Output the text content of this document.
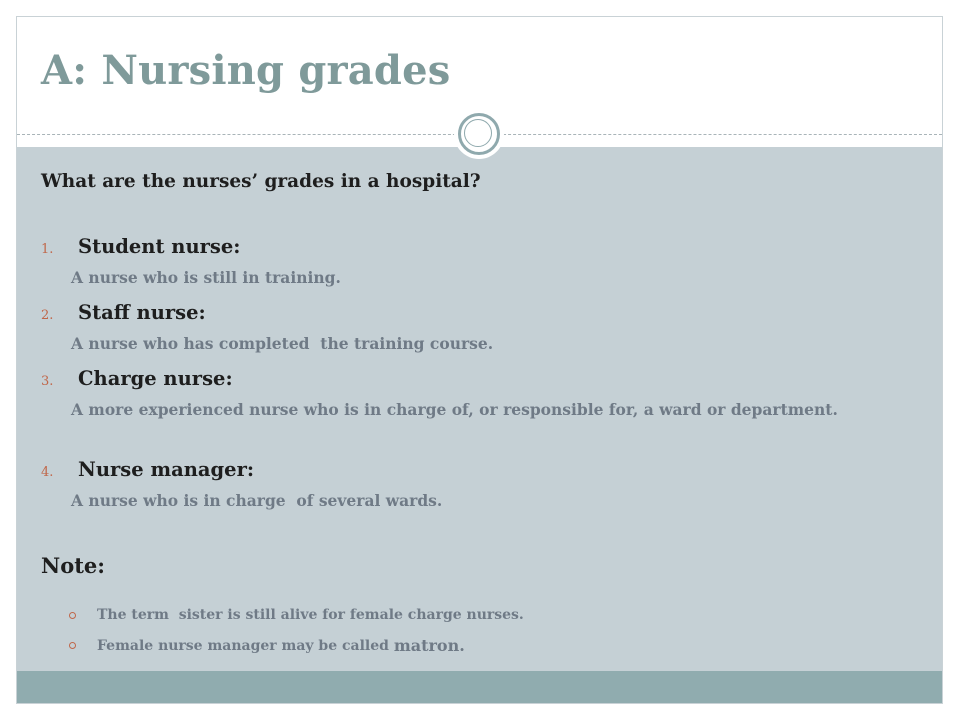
A: Nursing grades
What are the nurses’ grades in a hospital?
1.	Student nurse:
A nurse who is still in training.
2.	Staff nurse:
A nurse who has completed  the training course.
3.	Charge nurse:
A more experienced nurse who is in charge of, or responsible for, a ward or department.
4.	Nurse manager:
A nurse who is in charge  of several wards.
Note:
The term  sister is still alive for female charge nurses.
Female nurse manager may be called matron.
